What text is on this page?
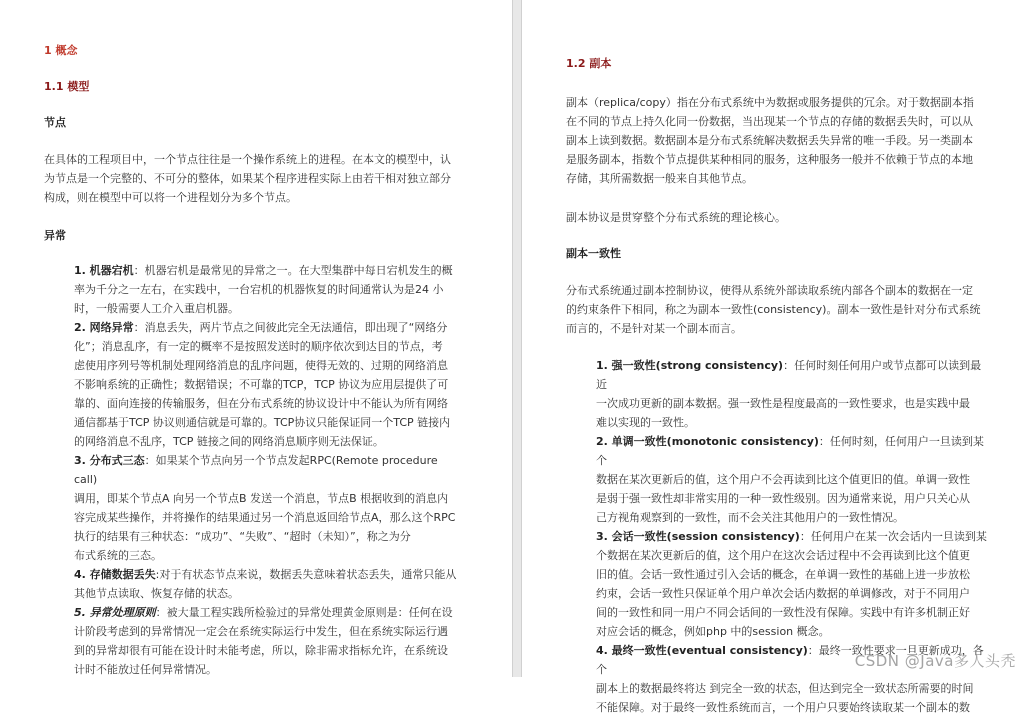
1 概念
1.1 模型
节点
在具体的工程项目中，一个节点往往是一个操作系统上的进程。在本文的模型中，认
为节点是一个完整的、不可分的整体，如果某个程序进程实际上由若干相对独立部分
构成，则在模型中可以将一个进程划分为多个节点。
异常
1. 机器宕机：机器宕机是最常见的异常之一。在大型集群中每日宕机发生的概
率为千分之一左右，在实践中，一台宕机的机器恢复的时间通常认为是24 小
时，一般需要人工介入重启机器。
2. 网络异常：消息丢失，两片节点之间彼此完全无法通信，即出现了“网络分
化”；消息乱序，有一定的概率不是按照发送时的顺序依次到达目的节点，考
虑使用序列号等机制处理网络消息的乱序问题，使得无效的、过期的网络消息
不影响系统的正确性；数据错误；不可靠的TCP，TCP 协议为应用层提供了可
靠的、面向连接的传输服务，但在分布式系统的协议设计中不能认为所有网络
通信都基于TCP 协议则通信就是可靠的。TCP协议只能保证同一个TCP 链接内
的网络消息不乱序，TCP 链接之间的网络消息顺序则无法保证。
3. 分布式三态：如果某个节点向另一个节点发起RPC(Remote procedure call)
调用，即某个节点A 向另一个节点B 发送一个消息，节点B 根据收到的消息内
容完成某些操作，并将操作的结果通过另一个消息返回给节点A，那么这个RPC
执行的结果有三种状态：“成功”、“失败”、“超时（未知）”，称之为分
布式系统的三态。
4. 存储数据丢失:对于有状态节点来说，数据丢失意味着状态丢失，通常只能从
其他节点读取、恢复存储的状态。
5. 异常处理原则：被大量工程实践所检验过的异常处理黄金原则是：任何在设
计阶段考虑到的异常情况一定会在系统实际运行中发生，但在系统实际运行遇
到的异常却很有可能在设计时未能考虑，所以，除非需求指标允许，在系统设
计时不能放过任何异常情况。
1.2 副本
副本（replica/copy）指在分布式系统中为数据或服务提供的冗余。对于数据副本指
在不同的节点上持久化同一份数据，当出现某一个节点的存储的数据丢失时，可以从
副本上读到数据。数据副本是分布式系统解决数据丢失异常的唯一手段。另一类副本
是服务副本，指数个节点提供某种相同的服务，这种服务一般并不依赖于节点的本地
存储，其所需数据一般来自其他节点。
副本协议是贯穿整个分布式系统的理论核心。
副本一致性
分布式系统通过副本控制协议，使得从系统外部读取系统内部各个副本的数据在一定
的约束条件下相同，称之为副本一致性(consistency)。副本一致性是针对分布式系统
而言的，不是针对某一个副本而言。
1. 强一致性(strong consistency)：任何时刻任何用户或节点都可以读到最近
一次成功更新的副本数据。强一致性是程度最高的一致性要求，也是实践中最
难以实现的一致性。
2. 单调一致性(monotonic consistency)：任何时刻，任何用户一旦读到某个
数据在某次更新后的值，这个用户不会再读到比这个值更旧的值。单调一致性
是弱于强一致性却非常实用的一种一致性级别。因为通常来说，用户只关心从
己方视角观察到的一致性，而不会关注其他用户的一致性情况。
3. 会话一致性(session consistency)：任何用户在某一次会话内一旦读到某
个数据在某次更新后的值，这个用户在这次会话过程中不会再读到比这个值更
旧的值。会话一致性通过引入会话的概念，在单调一致性的基础上进一步放松
约束，会话一致性只保证单个用户单次会话内数据的单调修改，对于不同用户
间的一致性和同一用户不同会话间的一致性没有保障。实践中有许多机制正好
对应会话的概念，例如php 中的session 概念。
4. 最终一致性(eventual consistency)：最终一致性要求一旦更新成功，各个
副本上的数据最终将达 到完全一致的状态，但达到完全一致状态所需要的时间
不能保障。对于最终一致性系统而言，一个用户只要始终读取某一个副本的数
CSDN @Java多人头秃
